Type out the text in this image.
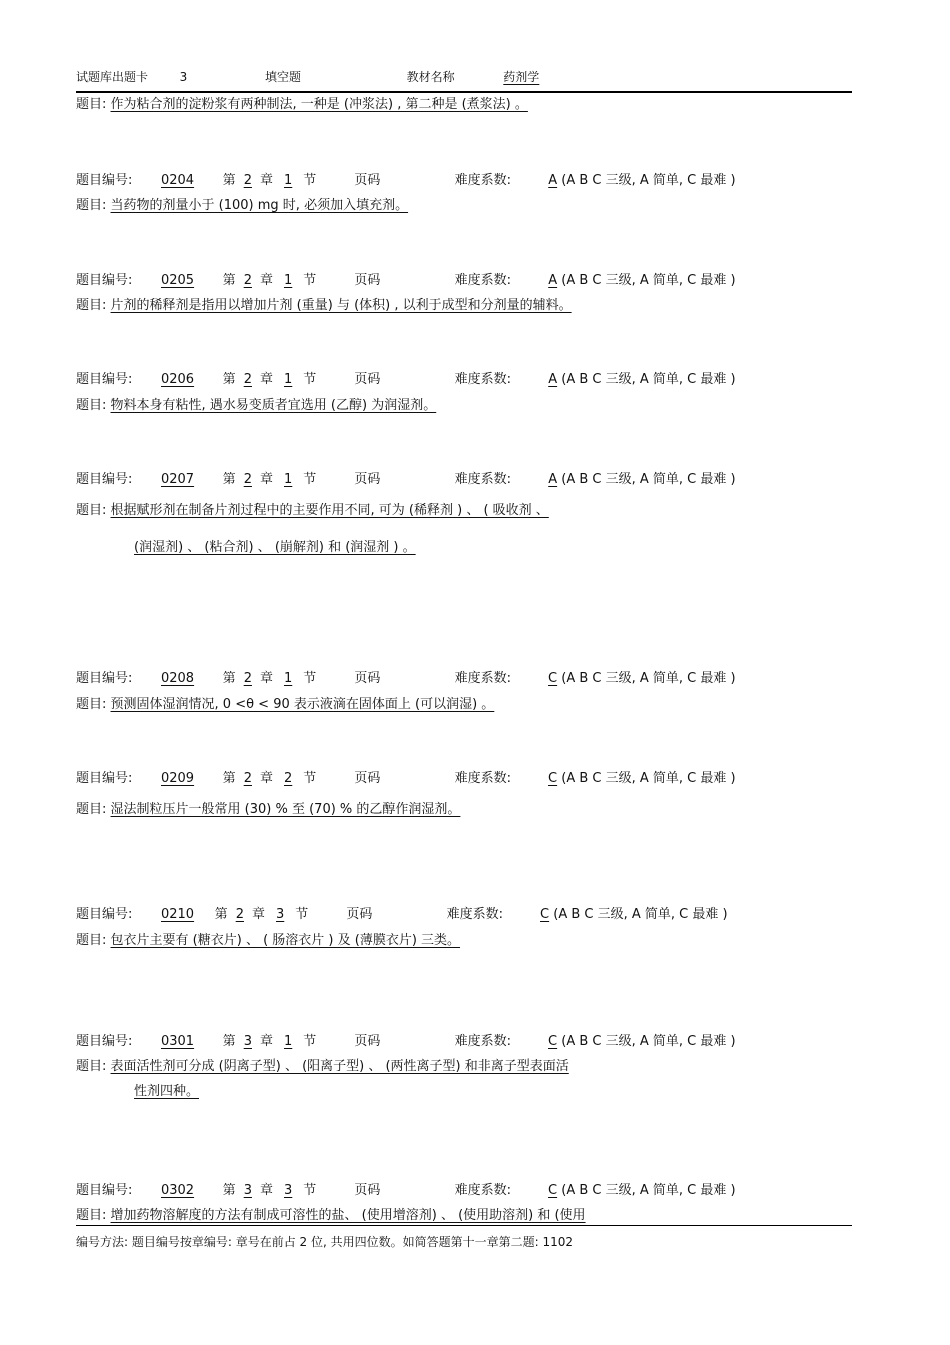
试题库出题卡	3	填空题	教材名称	药剂学
题目: 作为粘合剂的淀粉浆有两种制法, 一种是 (冲浆法) , 第二种是 (煮浆法) 。
题目编号: 0204 第 2 章 1 节	页码	难度系数:	A (A B C 三级, A 简单, C 最难 )
题目: 当药物的剂量小于 (100) mg 时, 必须加入填充剂。
题目编号: 0205 第 2 章 1 节	页码	难度系数:	A (A B C 三级, A 简单, C 最难 )
题目: 片剂的稀释剂是指用以增加片剂 (重量) 与 (体积) , 以利于成型和分剂量的辅料。
题目编号: 0206 第 2 章 1 节	页码	难度系数:	A (A B C 三级, A 简单, C 最难 )
题目: 物料本身有粘性, 遇水易变质者宜选用 (乙醇) 为润湿剂。
题目编号: 0207 第 2 章 1 节	页码	难度系数:	A (A B C 三级, A 简单, C 最难 )
题目: 根据赋形剂在制备片剂过程中的主要作用不同, 可为 (稀释剂 ) 、 ( 吸收剂 、
(润湿剂) 、 (粘合剂) 、 (崩解剂) 和 (润湿剂 ) 。
题目编号: 0208 第 2 章 1 节	页码	难度系数:	C (A B C 三级, A 简单, C 最难 )
题目: 预测固体湿润情况, 0 <θ < 90 表示液滴在固体面上 (可以润湿) 。
题目编号: 0209 第 2 章 2 节	页码	难度系数:	C (A B C 三级, A 简单, C 最难 )
题目: 湿法制粒压片一般常用 (30) % 至 (70) % 的乙醇作润湿剂。
题目编号: 0210 第 2 章 3 节	页码	难度系数:	C (A B C 三级, A 简单, C 最难 )
题目: 包衣片主要有 (糖衣片) 、 ( 肠溶衣片 ) 及 (薄膜衣片) 三类。
题目编号: 0301 第 3 章 1 节	页码	难度系数:	C (A B C 三级, A 简单, C 最难 )
题目: 表面活性剂可分成 (阴离子型) 、 (阳离子型) 、 (两性离子型) 和非离子型表面活
性剂四种。
题目编号: 0302 第 3 章 3 节	页码	难度系数:	C (A B C 三级, A 简单, C 最难 )
题目: 增加药物溶解度的方法有制成可溶性的盐、 (使用增溶剂) 、 (使用助溶剂) 和 (使用
编号方法: 题目编号按章编号: 章号在前占 2 位, 共用四位数。如简答题第十一章第二题: 1102
